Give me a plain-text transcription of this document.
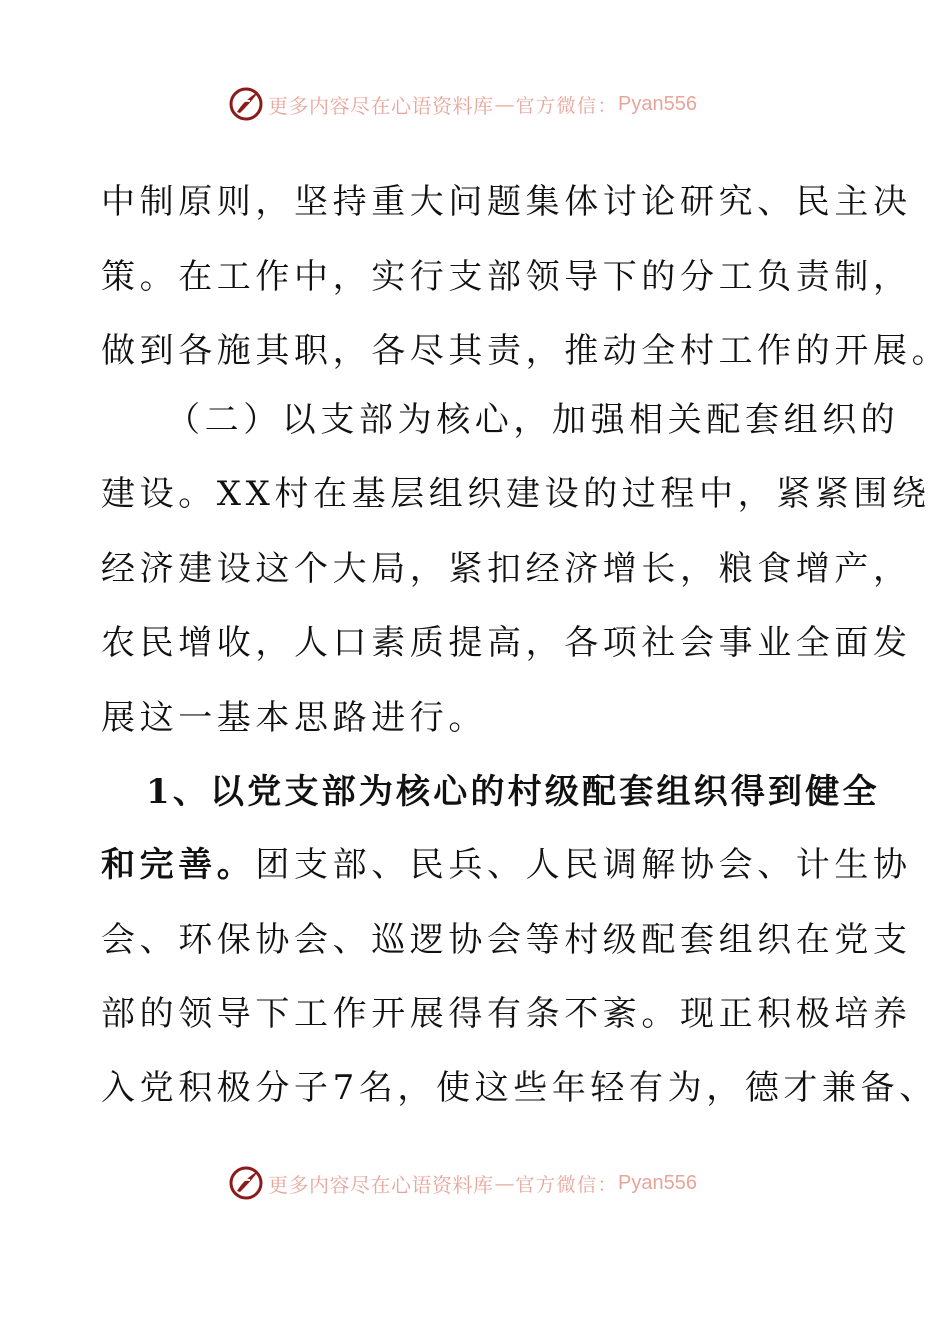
更多内容尽在心语资料库 — 官方微信： Pyan556
中制原则，坚持重大问题集体讨论研究、民主决
策。在工作中，实行支部领导下的分工负责制，
做到各施其职，各尽其责，推动全村工作的开展。
（二）以支部为核心，加强相关配套组织的
建设。XX村在基层组织建设的过程中，紧紧围绕
经济建设这个大局，紧扣经济增长，粮食增产，
农民增收，人口素质提高，各项社会事业全面发
展这一基本思路进行。
1、以党支部为核心的村级配套组织得到健全
和完善。团支部、民兵、人民调解协会、计生协
会、环保协会、巡逻协会等村级配套组织在党支
部的领导下工作开展得有条不紊。现正积极培养
入党积极分子7名，使这些年轻有为，德才兼备、
更多内容尽在心语资料库 — 官方微信： Pyan556
